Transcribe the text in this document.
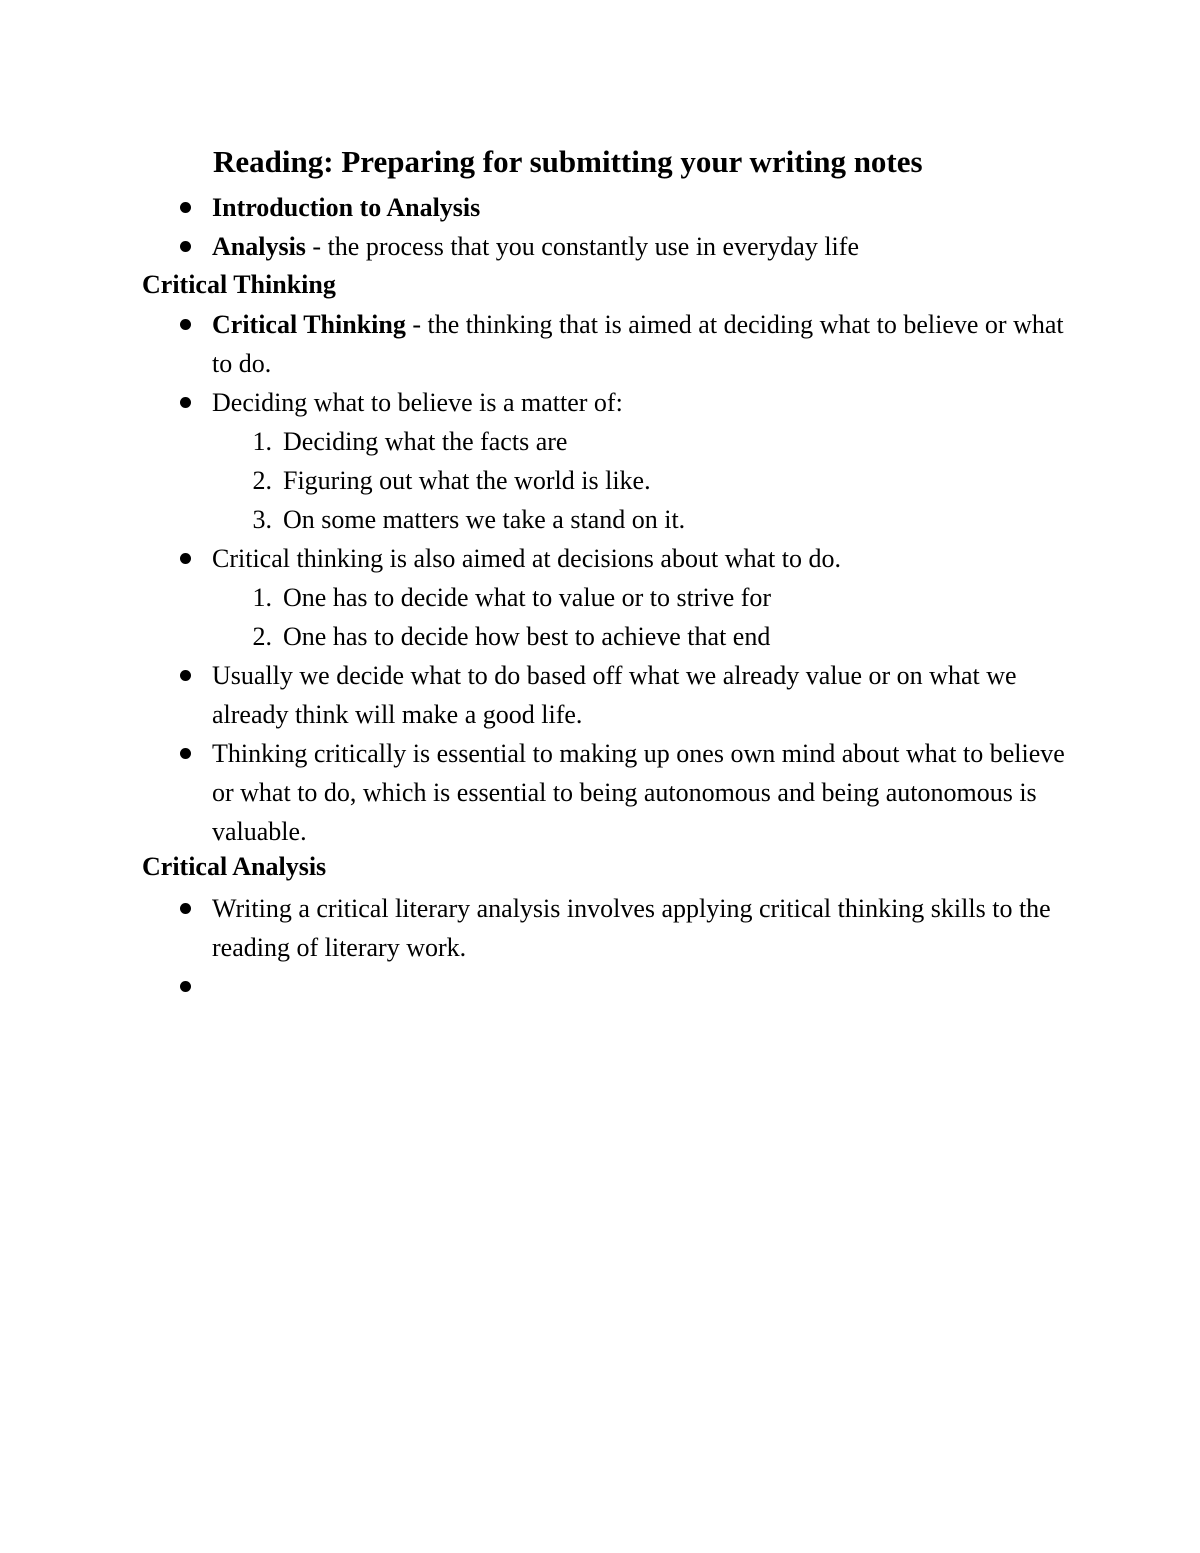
Reading: Preparing for submitting your writing notes
Introduction to Analysis
Analysis - the process that you constantly use in everyday life
Critical Thinking
Critical Thinking - the thinking that is aimed at deciding what to believe or what to do.
Deciding what to believe is a matter of:
1. Deciding what the facts are
2. Figuring out what the world is like.
3. On some matters we take a stand on it.
Critical thinking is also aimed at decisions about what to do.
1. One has to decide what to value or to strive for
2. One has to decide how best to achieve that end
Usually we decide what to do based off what we already value or on what we already think will make a good life.
Thinking critically is essential to making up ones own mind about what to believe or what to do, which is essential to being autonomous and being autonomous is valuable.
Critical Analysis
Writing a critical literary analysis involves applying critical thinking skills to the reading of literary work.
